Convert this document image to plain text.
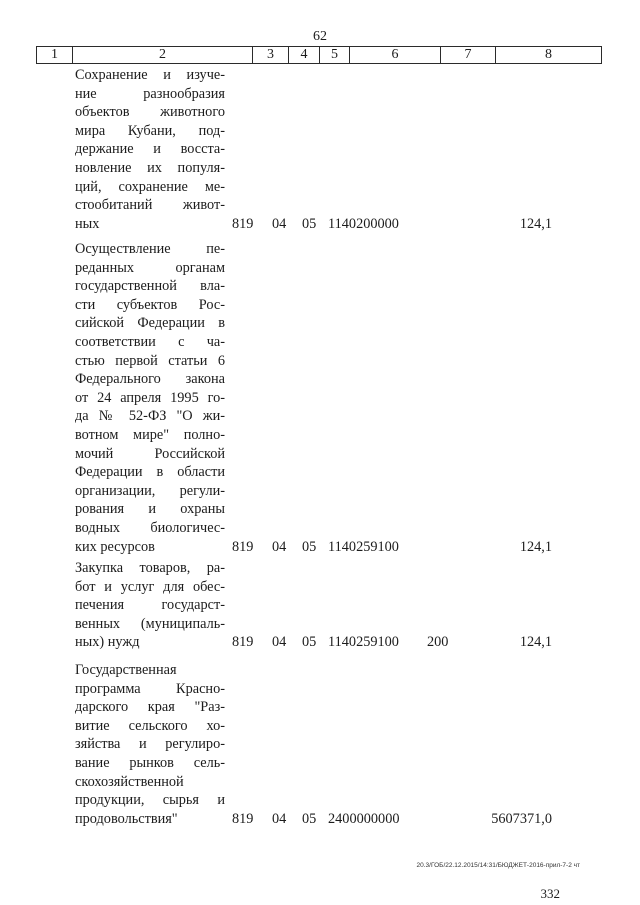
62
1	2	3	4	5	6	7	8
Сохранение и изуче-
ние разнообразия
объектов животного
мира Кубани, под-
держание и восста-
новление их популя-
ций, сохранение ме-
стообитаний живот-
ных	819 04 05 1140200000	124,1
Осуществление пе-
реданных органам
государственной вла-
сти субъектов Рос-
сийской Федерации в
соответствии с ча-
стью первой статьи 6
Федерального закона
от 24 апреля 1995 го-
да № 52-ФЗ "О жи-
вотном мире" полно-
мочий Российской
Федерации в области
организации, регули-
рования и охраны
водных биологичес-
ких ресурсов	819 04 05 1140259100	124,1
Закупка товаров, ра-
бот и услуг для обес-
печения государст-
венных (муниципаль-
ных) нужд	819 04 05 1140259100 200	124,1
Государственная
программа Красно-
дарского края "Раз-
витие сельского хо-
зяйства и регулиро-
вание рынков сель-
скохозяйственной
продукции, сырья и
продовольствия"	819 04 05 2400000000	5607371,0
20.3/ГОБ/22.12.2015/14:31/БЮДЖЕТ-2016-прил-7-2 чт
332
